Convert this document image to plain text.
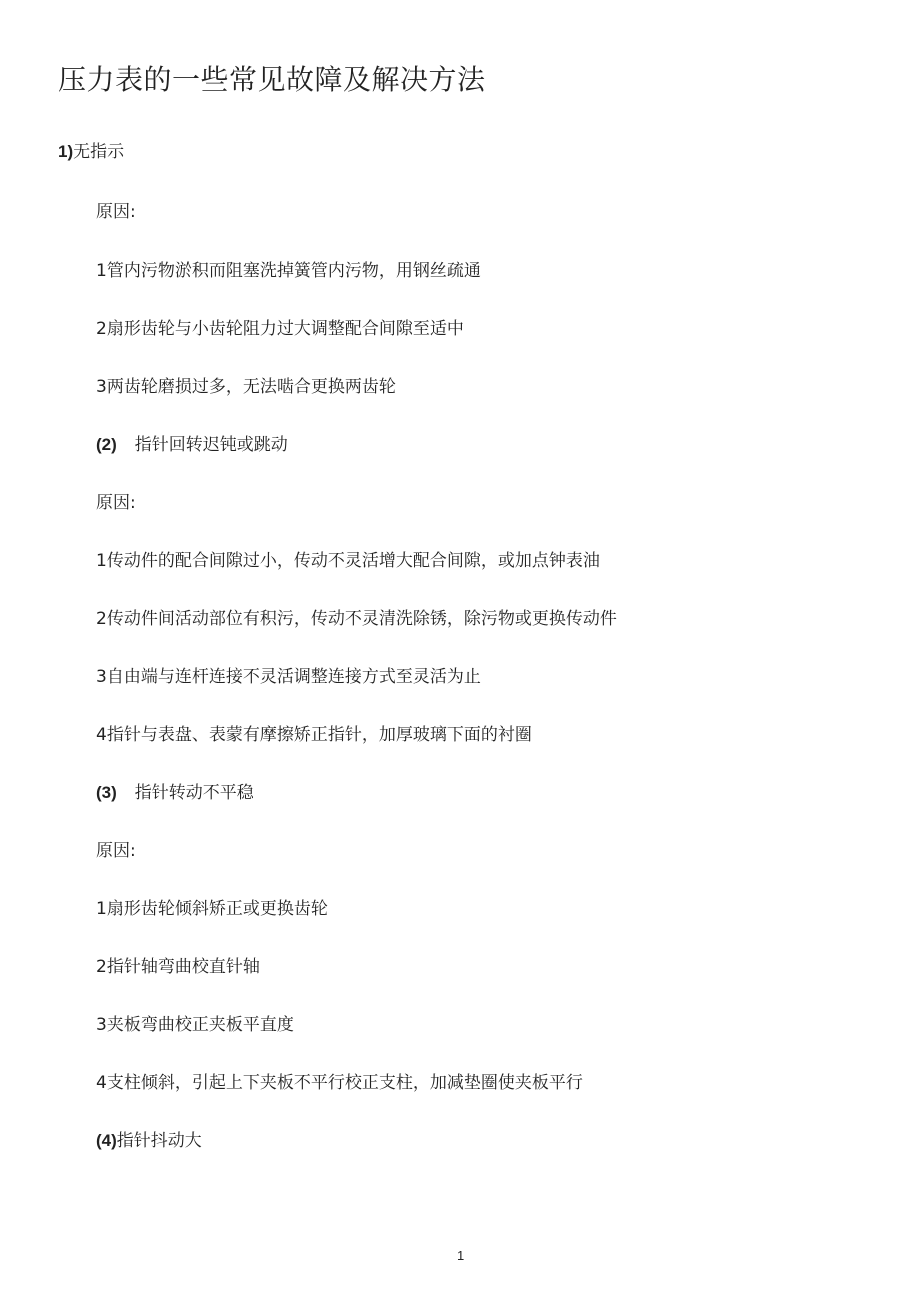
压力表的一些常见故障及解决方法
1)无指示
原因:
1管内污物淤积而阻塞洗掉簧管内污物，用钢丝疏通
2扇形齿轮与小齿轮阻力过大调整配合间隙至适中
3两齿轮磨损过多，无法啮合更换两齿轮
(2) 指针回转迟钝或跳动
原因:
1传动件的配合间隙过小，传动不灵活增大配合间隙，或加点钟表油
2传动件间活动部位有积污，传动不灵清洗除锈，除污物或更换传动件
3自由端与连杆连接不灵活调整连接方式至灵活为止
4指针与表盘、表蒙有摩擦矫正指针，加厚玻璃下面的衬圈
(3) 指针转动不平稳
原因:
1扇形齿轮倾斜矫正或更换齿轮
2指针轴弯曲校直针轴
3夹板弯曲校正夹板平直度
4支柱倾斜，引起上下夹板不平行校正支柱，加减垫圈使夹板平行
(4)指针抖动大
1
